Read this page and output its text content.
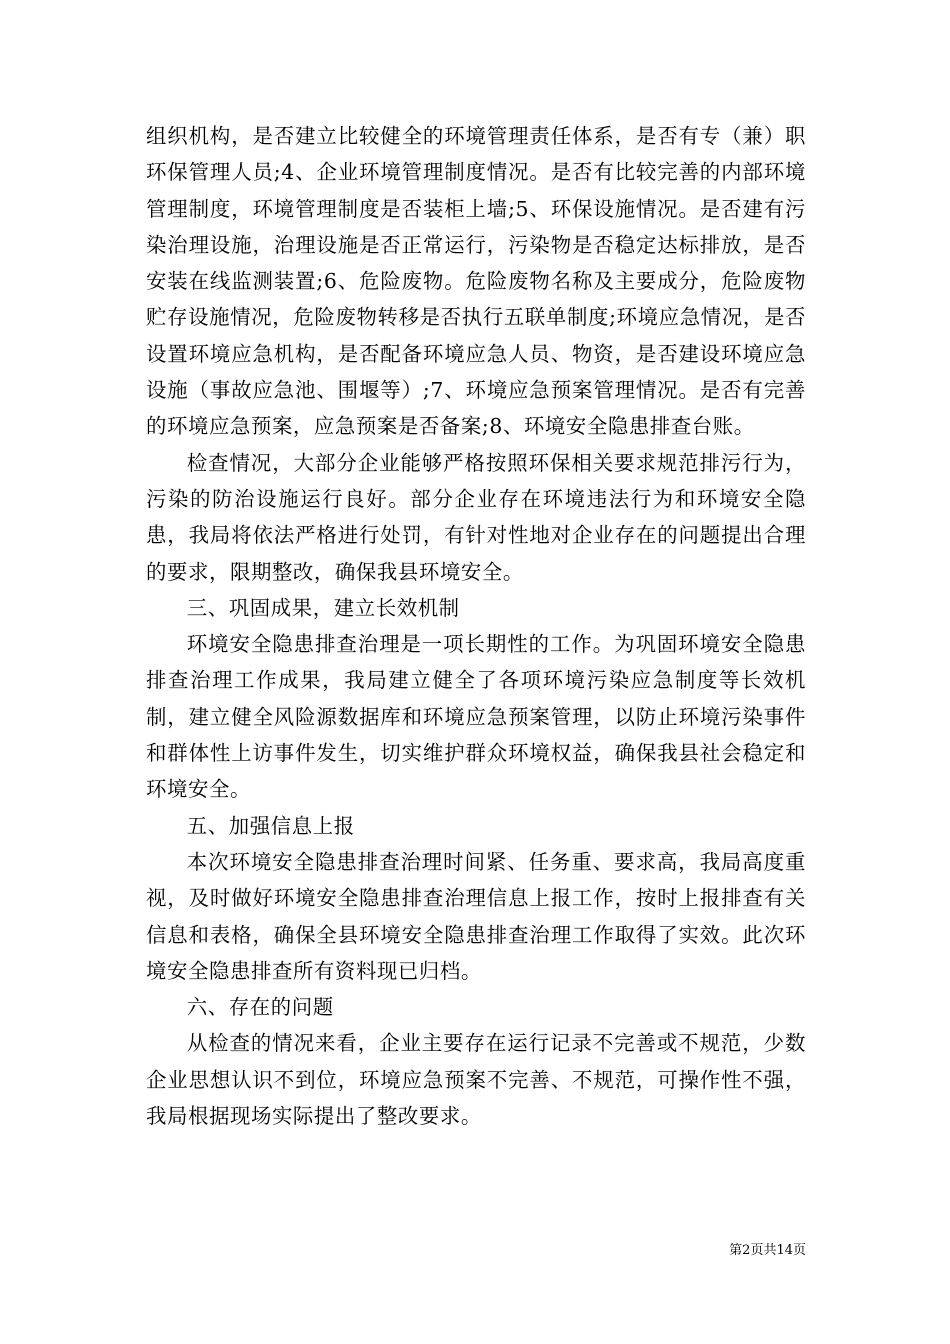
组织机构，是否建立比较健全的环境管理责任体系，是否有专（兼）职环保管理人员;4、企业环境管理制度情况。是否有比较完善的内部环境管理制度，环境管理制度是否装柜上墙;5、环保设施情况。是否建有污染治理设施，治理设施是否正常运行，污染物是否稳定达标排放，是否安装在线监测装置;6、危险废物。危险废物名称及主要成分，危险废物贮存设施情况，危险废物转移是否执行五联单制度;环境应急情况，是否设置环境应急机构，是否配备环境应急人员、物资，是否建设环境应急设施（事故应急池、围堰等）;7、环境应急预案管理情况。是否有完善的环境应急预案，应急预案是否备案;8、环境安全隐患排查台账。

检查情况，大部分企业能够严格按照环保相关要求规范排污行为，污染的防治设施运行良好。部分企业存在环境违法行为和环境安全隐患，我局将依法严格进行处罚，有针对性地对企业存在的问题提出合理的要求，限期整改，确保我县环境安全。

三、巩固成果，建立长效机制

环境安全隐患排查治理是一项长期性的工作。为巩固环境安全隐患排查治理工作成果，我局建立健全了各项环境污染应急制度等长效机制，建立健全风险源数据库和环境应急预案管理，以防止环境污染事件和群体性上访事件发生，切实维护群众环境权益，确保我县社会稳定和环境安全。

五、加强信息上报

本次环境安全隐患排查治理时间紧、任务重、要求高，我局高度重视，及时做好环境安全隐患排查治理信息上报工作，按时上报排查有关信息和表格，确保全县环境安全隐患排查治理工作取得了实效。此次环境安全隐患排查所有资料现已归档。

六、存在的问题

从检查的情况来看，企业主要存在运行记录不完善或不规范，少数企业思想认识不到位，环境应急预案不完善、不规范，可操作性不强，我局根据现场实际提出了整改要求。

第2页共14页
